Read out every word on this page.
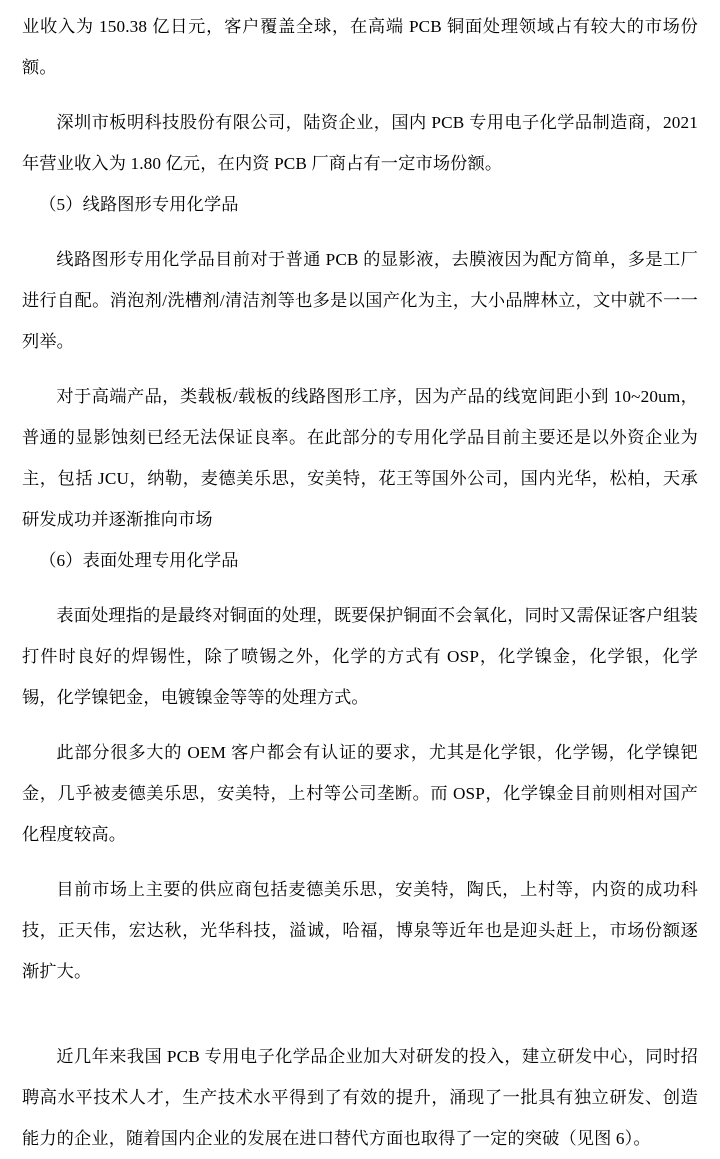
业收入为 150.38 亿日元，客户覆盖全球，在高端 PCB 铜面处理领域占有较大的市场份额。

深圳市板明科技股份有限公司，陆资企业，国内 PCB 专用电子化学品制造商，2021 年营业收入为 1.80 亿元，在内资 PCB 厂商占有一定市场份额。

（5）线路图形专用化学品

线路图形专用化学品目前对于普通 PCB 的显影液，去膜液因为配方简单，多是工厂进行自配。消泡剂/洗槽剂/清洁剂等也多是以国产化为主，大小品牌林立，文中就不一一列举。

对于高端产品，类载板/载板的线路图形工序，因为产品的线宽间距小到 10~20um，普通的显影蚀刻已经无法保证良率。在此部分的专用化学品目前主要还是以外资企业为主，包括 JCU，纳勒，麦德美乐思，安美特，花王等国外公司，国内光华，松柏，天承研发成功并逐渐推向市场

（6）表面处理专用化学品

表面处理指的是最终对铜面的处理，既要保护铜面不会氧化，同时又需保证客户组装打件时良好的焊锡性，除了喷锡之外，化学的方式有 OSP，化学镍金，化学银，化学锡，化学镍钯金，电镀镍金等等的处理方式。

此部分很多大的 OEM 客户都会有认证的要求，尤其是化学银，化学锡，化学镍钯金，几乎被麦德美乐思，安美特，上村等公司垄断。而 OSP，化学镍金目前则相对国产化程度较高。

目前市场上主要的供应商包括麦德美乐思，安美特，陶氏，上村等，内资的成功科技，正天伟，宏达秋，光华科技，溢诚，哈福，博泉等近年也是迎头赶上，市场份额逐渐扩大。

近几年来我国 PCB 专用电子化学品企业加大对研发的投入，建立研发中心，同时招聘高水平技术人才，生产技术水平得到了有效的提升，涌现了一批具有独立研发、创造能力的企业，随着国内企业的发展在进口替代方面也取得了一定的突破（见图 6）。
